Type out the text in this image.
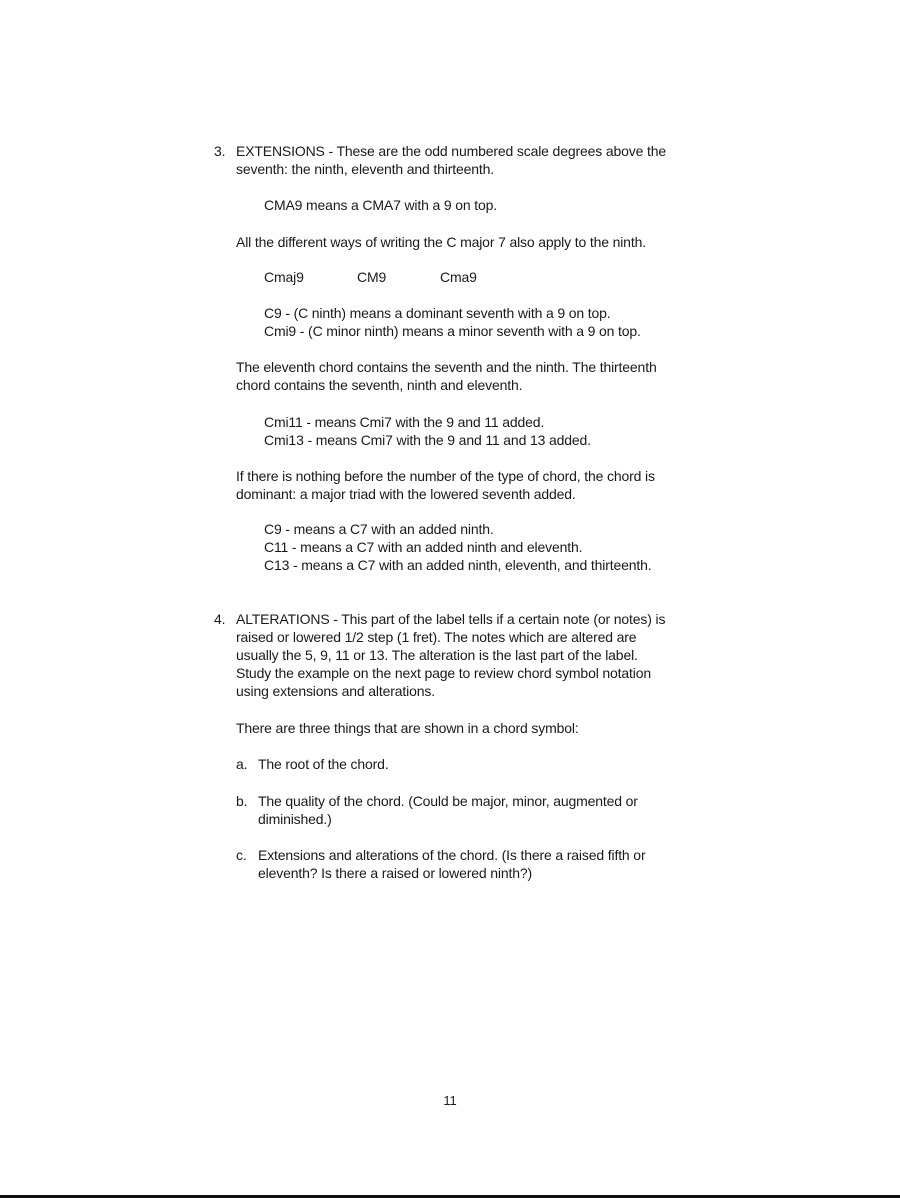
3. EXTENSIONS - These are the odd numbered scale degrees above the
seventh: the ninth, eleventh and thirteenth.

CMA9 means a CMA7 with a 9 on top.

All the different ways of writing the C major 7 also apply to the ninth.

Cmaj9	CM9	Cma9

C9 - (C ninth) means a dominant seventh with a 9 on top.
Cmi9 - (C minor ninth) means a minor seventh with a 9 on top.

The eleventh chord contains the seventh and the ninth. The thirteenth
chord contains the seventh, ninth and eleventh.

Cmi11 - means Cmi7 with the 9 and 11 added.
Cmi13 - means Cmi7 with the 9 and 11 and 13 added.

If there is nothing before the number of the type of chord, the chord is
dominant: a major triad with the lowered seventh added.

C9 - means a C7 with an added ninth.
C11 - means a C7 with an added ninth and eleventh.
C13 - means a C7 with an added ninth, eleventh, and thirteenth.

4. ALTERATIONS - This part of the label tells if a certain note (or notes) is
raised or lowered 1/2 step (1 fret). The notes which are altered are
usually the 5, 9, 11 or 13. The alteration is the last part of the label.
Study the example on the next page to review chord symbol notation
using extensions and alterations.

There are three things that are shown in a chord symbol:

a. The root of the chord.

b. The quality of the chord. (Could be major, minor, augmented or
diminished.)

c. Extensions and alterations of the chord. (Is there a raised fifth or
eleventh? Is there a raised or lowered ninth?)

11
